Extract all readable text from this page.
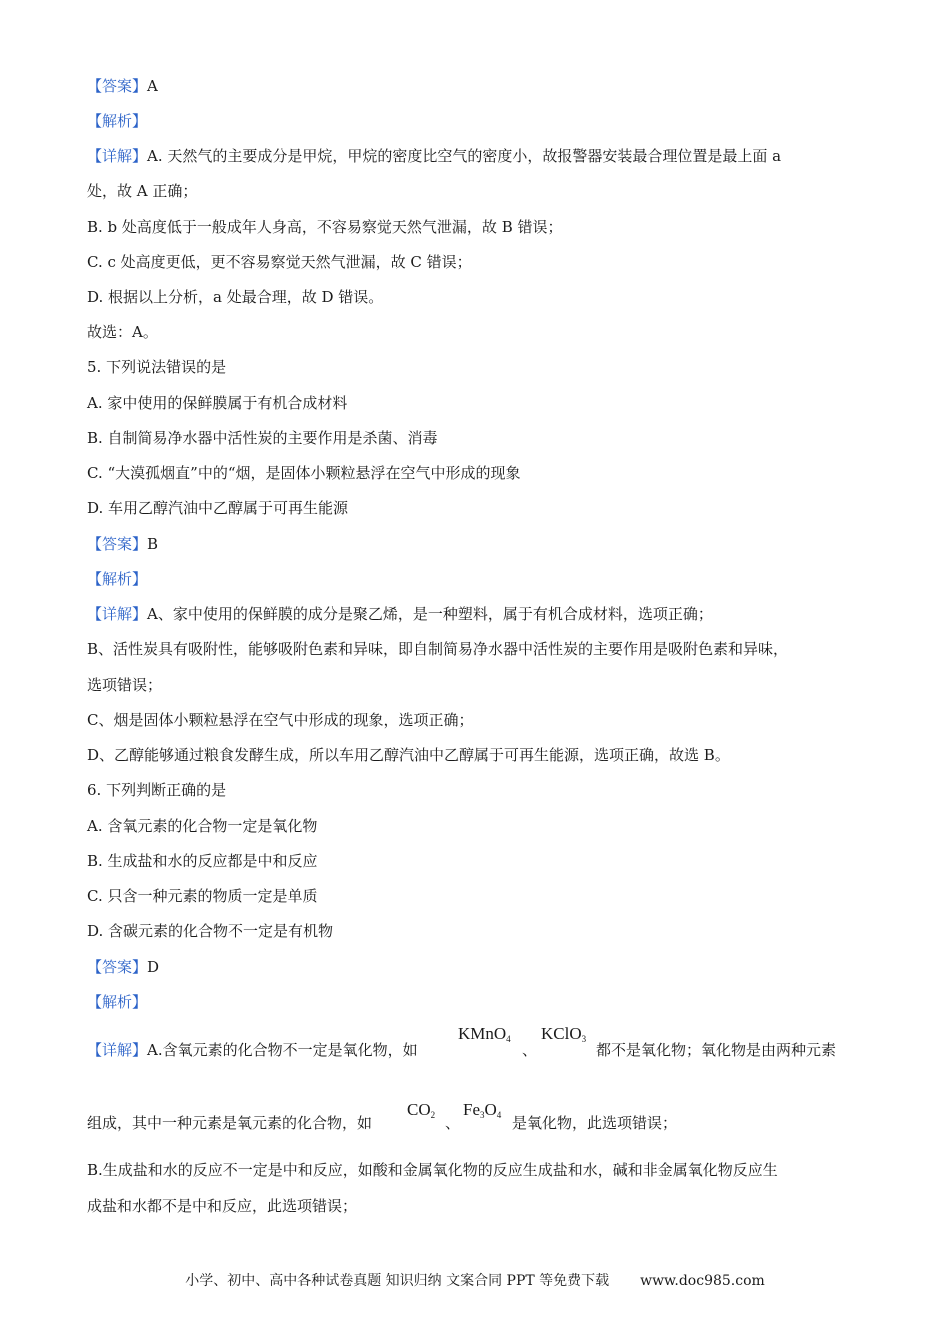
【答案】A
【解析】
【详解】A. 天然气的主要成分是甲烷，甲烷的密度比空气的密度小，故报警器安装最合理位置是最上面 a
处，故 A 正确；
B. b 处高度低于一般成年人身高，不容易察觉天然气泄漏，故 B 错误；
C. c 处高度更低，更不容易察觉天然气泄漏，故 C 错误；
D. 根据以上分析，a 处最合理，故 D 错误。
故选：A。
5. 下列说法错误的是
A. 家中使用的保鲜膜属于有机合成材料
B. 自制简易净水器中活性炭的主要作用是杀菌、消毒
C. “大漠孤烟直”中的“烟，是固体小颗粒悬浮在空气中形成的现象
D. 车用乙醇汽油中乙醇属于可再生能源
【答案】B
【解析】
【详解】A、家中使用的保鲜膜的成分是聚乙烯，是一种塑料，属于有机合成材料，选项正确；
B、活性炭具有吸附性，能够吸附色素和异味，即自制简易净水器中活性炭的主要作用是吸附色素和异味，
选项错误；
C、烟是固体小颗粒悬浮在空气中形成的现象，选项正确；
D、乙醇能够通过粮食发酵生成，所以车用乙醇汽油中乙醇属于可再生能源，选项正确，故选 B。
6. 下列判断正确的是
A. 含氧元素的化合物一定是氧化物
B. 生成盐和水的反应都是中和反应
C. 只含一种元素的物质一定是单质
D. 含碳元素的化合物不一定是有机物
【答案】D
【解析】
【详解】A.含氧元素的化合物不一定是氧化物，如
KMnO$_4$
、
KClO$_3$
都不是氧化物；氧化物是由两种元素
组成，其中一种元素是氧元素的化合物，如
$CO_2$ 、
$Fe_3O_4$ 是氧化物，此选项错误；
B.生成盐和水的反应不一定是中和反应，如酸和金属氧化物的反应生成盐和水，碱和非金属氧化物反应生
成盐和水都不是中和反应，此选项错误；
小学、初中、高中各种试卷真题 知识归纳 文案合同 PPT 等免费下载 www.doc985.com
